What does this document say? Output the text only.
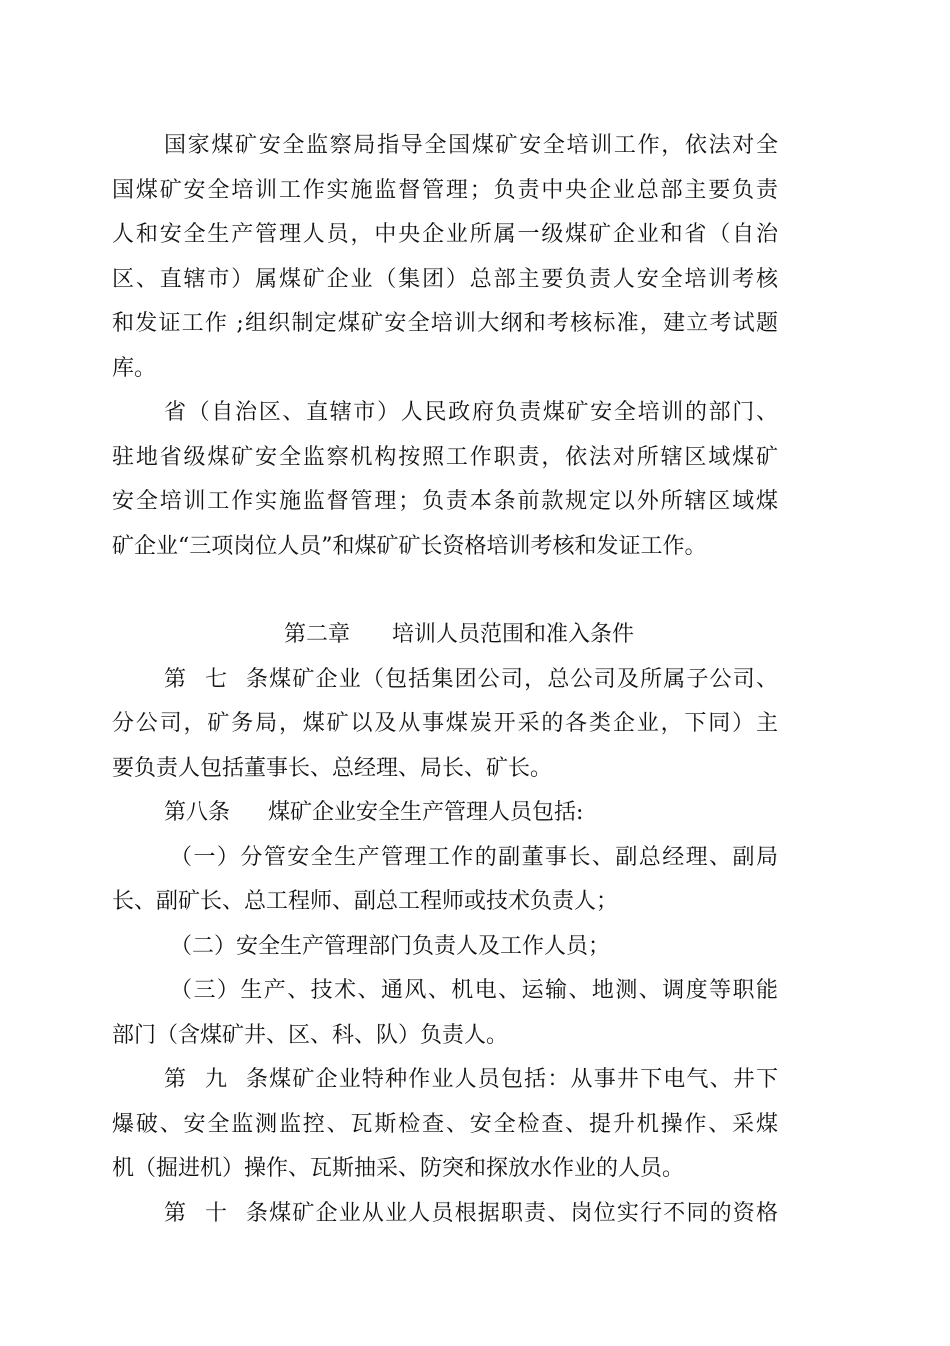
国家煤矿安全监察局指导全国煤矿安全培训工作，依法对全
国煤矿安全培训工作实施监督管理；负责中央企业总部主要负责
人和安全生产管理人员，中央企业所属一级煤矿企业和省（自治
区、直辖市）属煤矿企业（集团）总部主要负责人安全培训考核
和发证工作 ;组织制定煤矿安全培训大纲和考核标准，建立考试题
库。
省（自治区、直辖市）人民政府负责煤矿安全培训的部门、
驻地省级煤矿安全监察机构按照工作职责，依法对所辖区域煤矿
安全培训工作实施监督管理；负责本条前款规定以外所辖区域煤
矿企业“三项岗位人员”和煤矿矿长资格培训考核和发证工作。
第二章 培训人员范围和准入条件
第七条煤矿企业（包括集团公司，总公司及所属子公司、
分公司，矿务局，煤矿以及从事煤炭开采的各类企业，下同）主
要负责人包括董事长、总经理、局长、矿长。
第八条 煤矿企业安全生产管理人员包括:
（一）分管安全生产管理工作的副董事长、副总经理、副局
长、副矿长、总工程师、副总工程师或技术负责人；
（二）安全生产管理部门负责人及工作人员；
（三）生产、技术、通风、机电、运输、地测、调度等职能
部门（含煤矿井、区、科、队）负责人。
第九条煤矿企业特种作业人员包括：从事井下电气、井下
爆破、安全监测监控、瓦斯检查、安全检查、提升机操作、采煤
机（掘进机）操作、瓦斯抽采、防突和探放水作业的人员。
第十条煤矿企业从业人员根据职责、岗位实行不同的资格
